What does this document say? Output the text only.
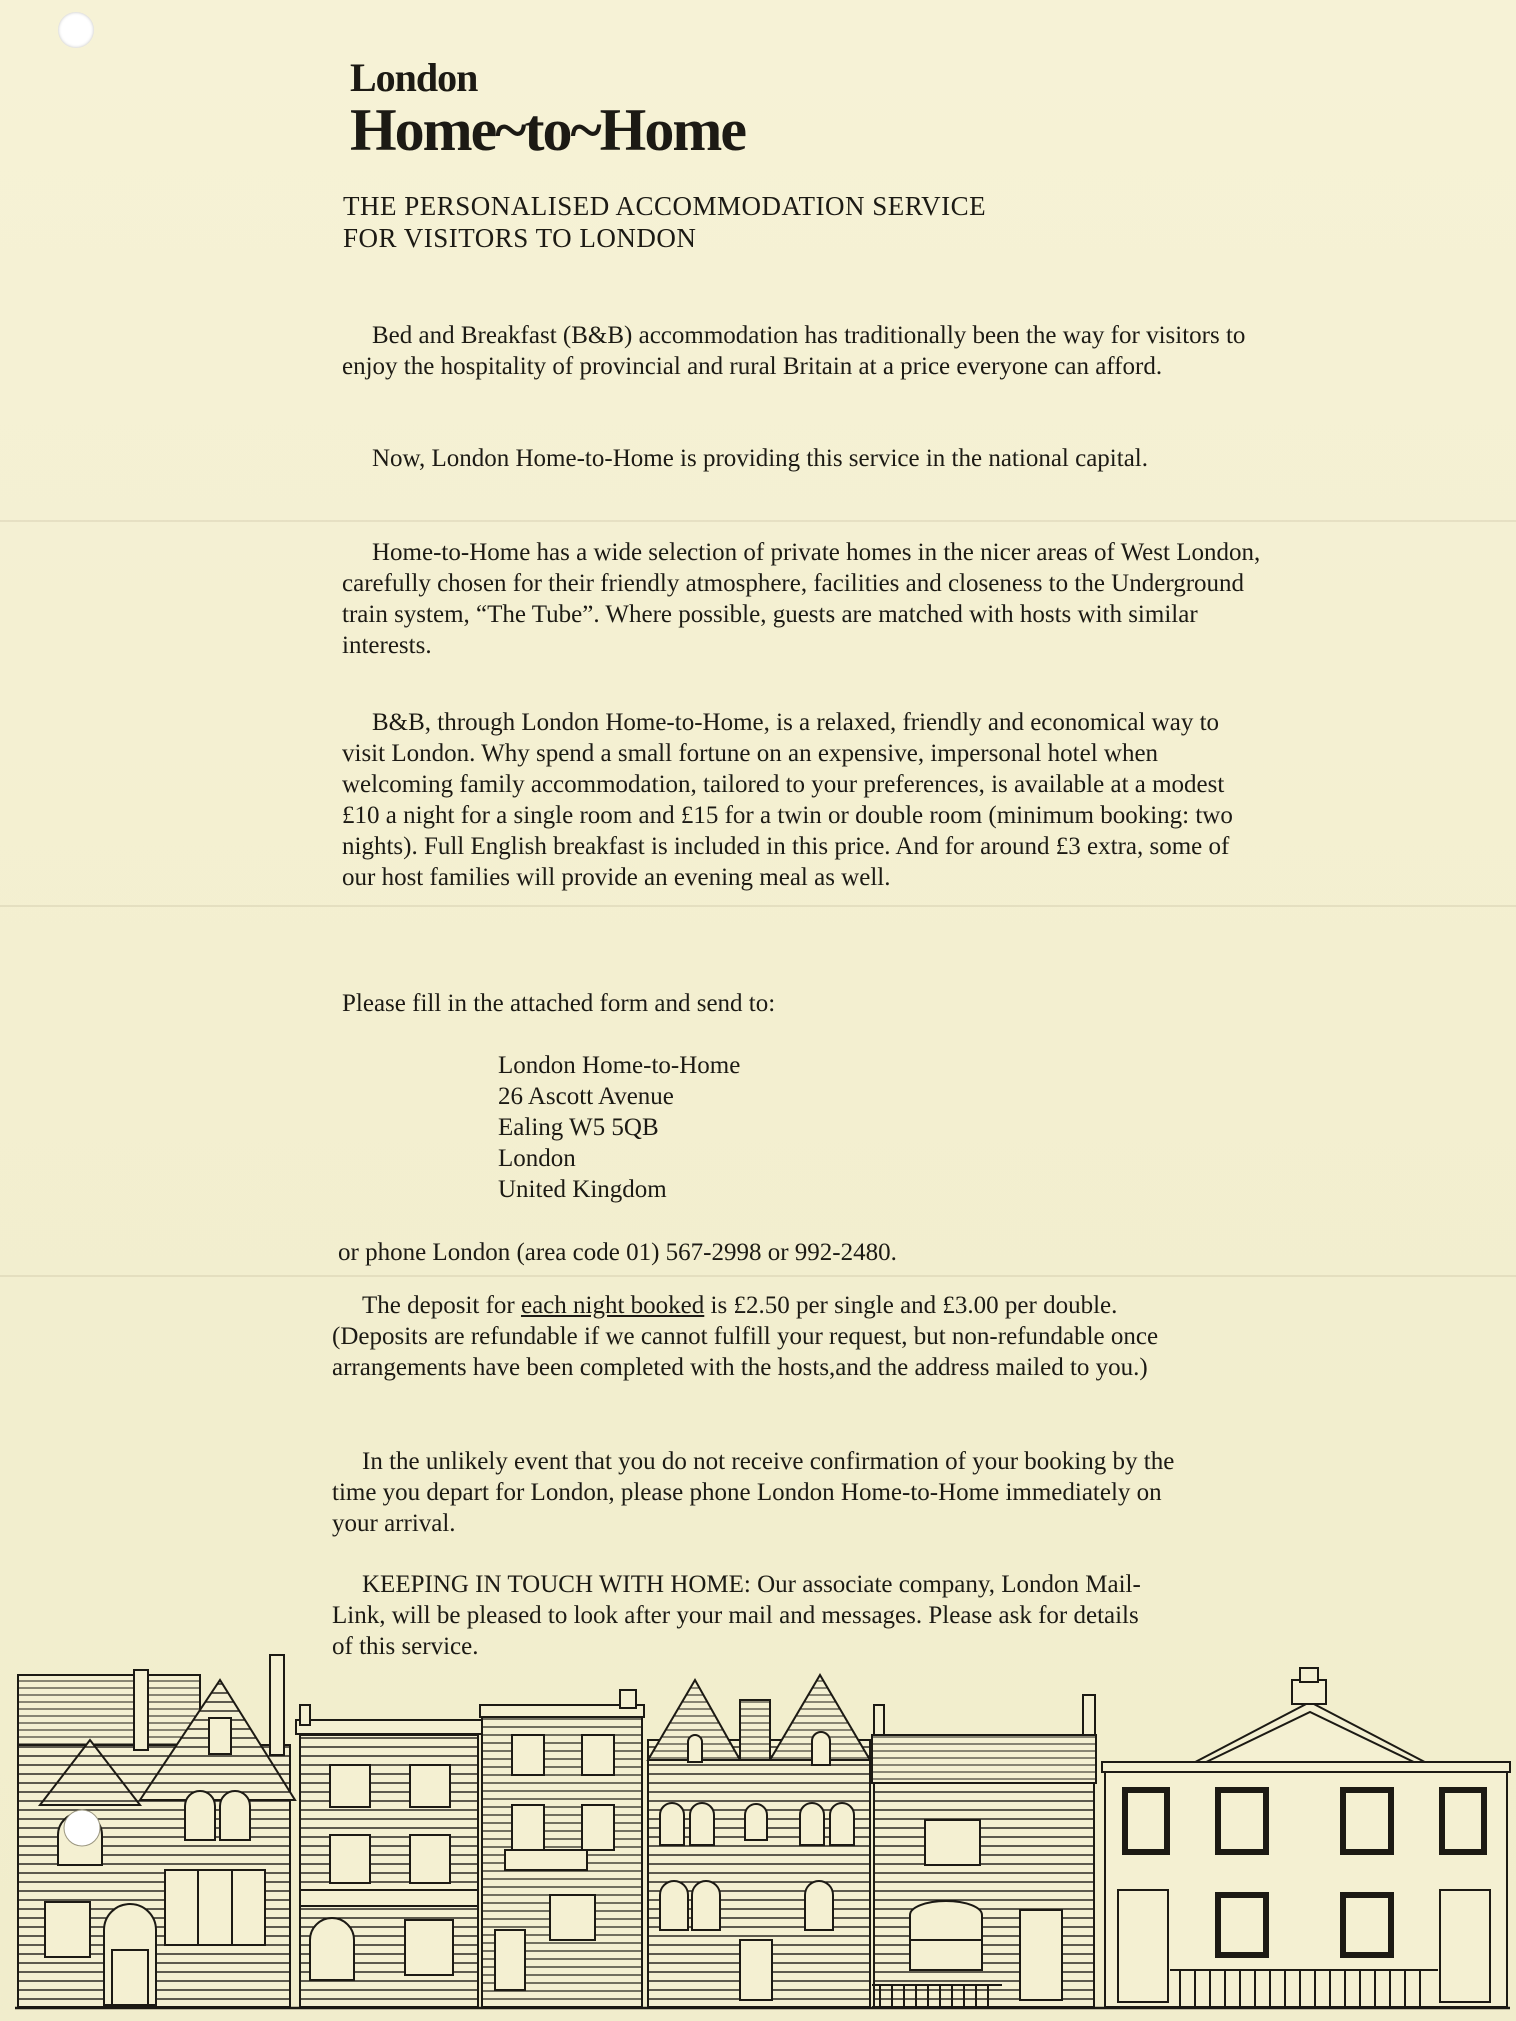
London
Home~to~Home
THE PERSONALISED ACCOMMODATION SERVICE
FOR VISITORS TO LONDON

Bed and Breakfast (B&B) accommodation has traditionally been the way for visitors to enjoy the hospitality of provincial and rural Britain at a price everyone can afford.

Now, London Home-to-Home is providing this service in the national capital.

Home-to-Home has a wide selection of private homes in the nicer areas of West London, carefully chosen for their friendly atmosphere, facilities and closeness to the Underground train system, “The Tube”. Where possible, guests are matched with hosts with similar interests.

B&B, through London Home-to-Home, is a relaxed, friendly and economical way to visit London. Why spend a small fortune on an expensive, impersonal hotel when welcoming family accommodation, tailored to your preferences, is available at a modest £10 a night for a single room and £15 for a twin or double room (minimum booking: two nights). Full English breakfast is included in this price. And for around £3 extra, some of our host families will provide an evening meal as well.

Please fill in the attached form and send to:

London Home-to-Home
26 Ascott Avenue
Ealing W5 5QB
London
United Kingdom

or phone London (area code 01) 567-2998 or 992-2480.

The deposit for each night booked is £2.50 per single and £3.00 per double. (Deposits are refundable if we cannot fulfill your request, but non-refundable once arrangements have been completed with the hosts,and the address mailed to you.)

In the unlikely event that you do not receive confirmation of your booking by the time you depart for London, please phone London Home-to-Home immediately on your arrival.

KEEPING IN TOUCH WITH HOME: Our associate company, London Mail-Link, will be pleased to look after your mail and messages. Please ask for details of this service.
